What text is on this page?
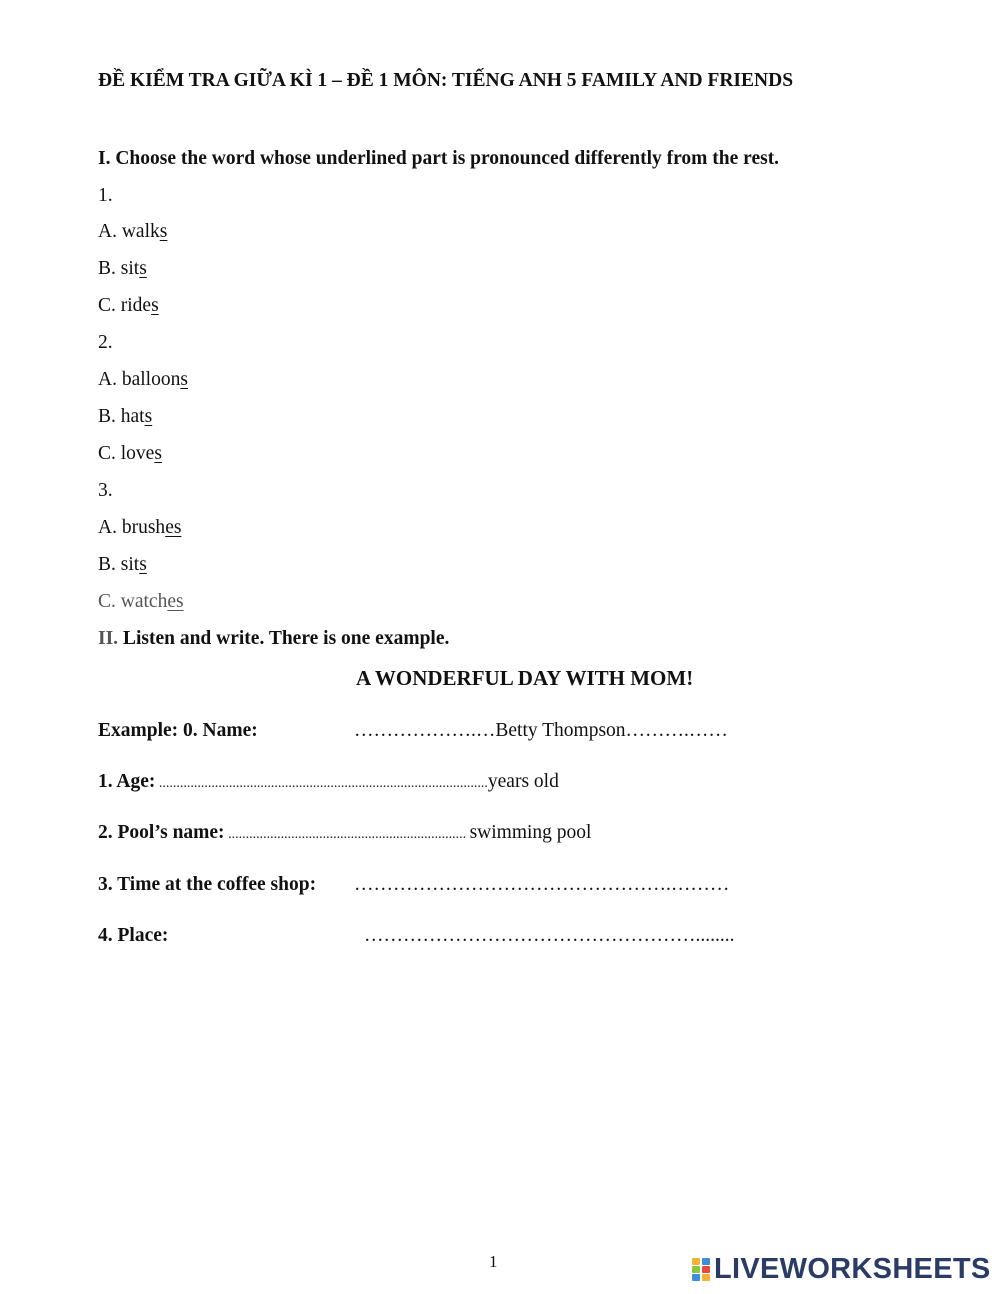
ĐỀ KIỂM TRA GIỮA KÌ 1 – ĐỀ 1 MÔN: TIẾNG ANH 5 FAMILY AND FRIENDS
I. Choose the word whose underlined part is pronounced differently from the rest.
1.
A. walks
B. sits
C. rides
2.
A. balloons
B. hats
C. loves
3.
A. brushes
B. sits
C. watches
II. Listen and write. There is one example.
A WONDERFUL DAY WITH MOM!
Example: 0. Name:	……………….…Betty Thompson……….……
1. Age: ..............................................................................................years old
2. Pool’s name: .................................................................... swimming pool
3. Time at the coffee shop: ………………………………………….………
4. Place:	……………………………………………........
1	LIVEWORKSHEETS
